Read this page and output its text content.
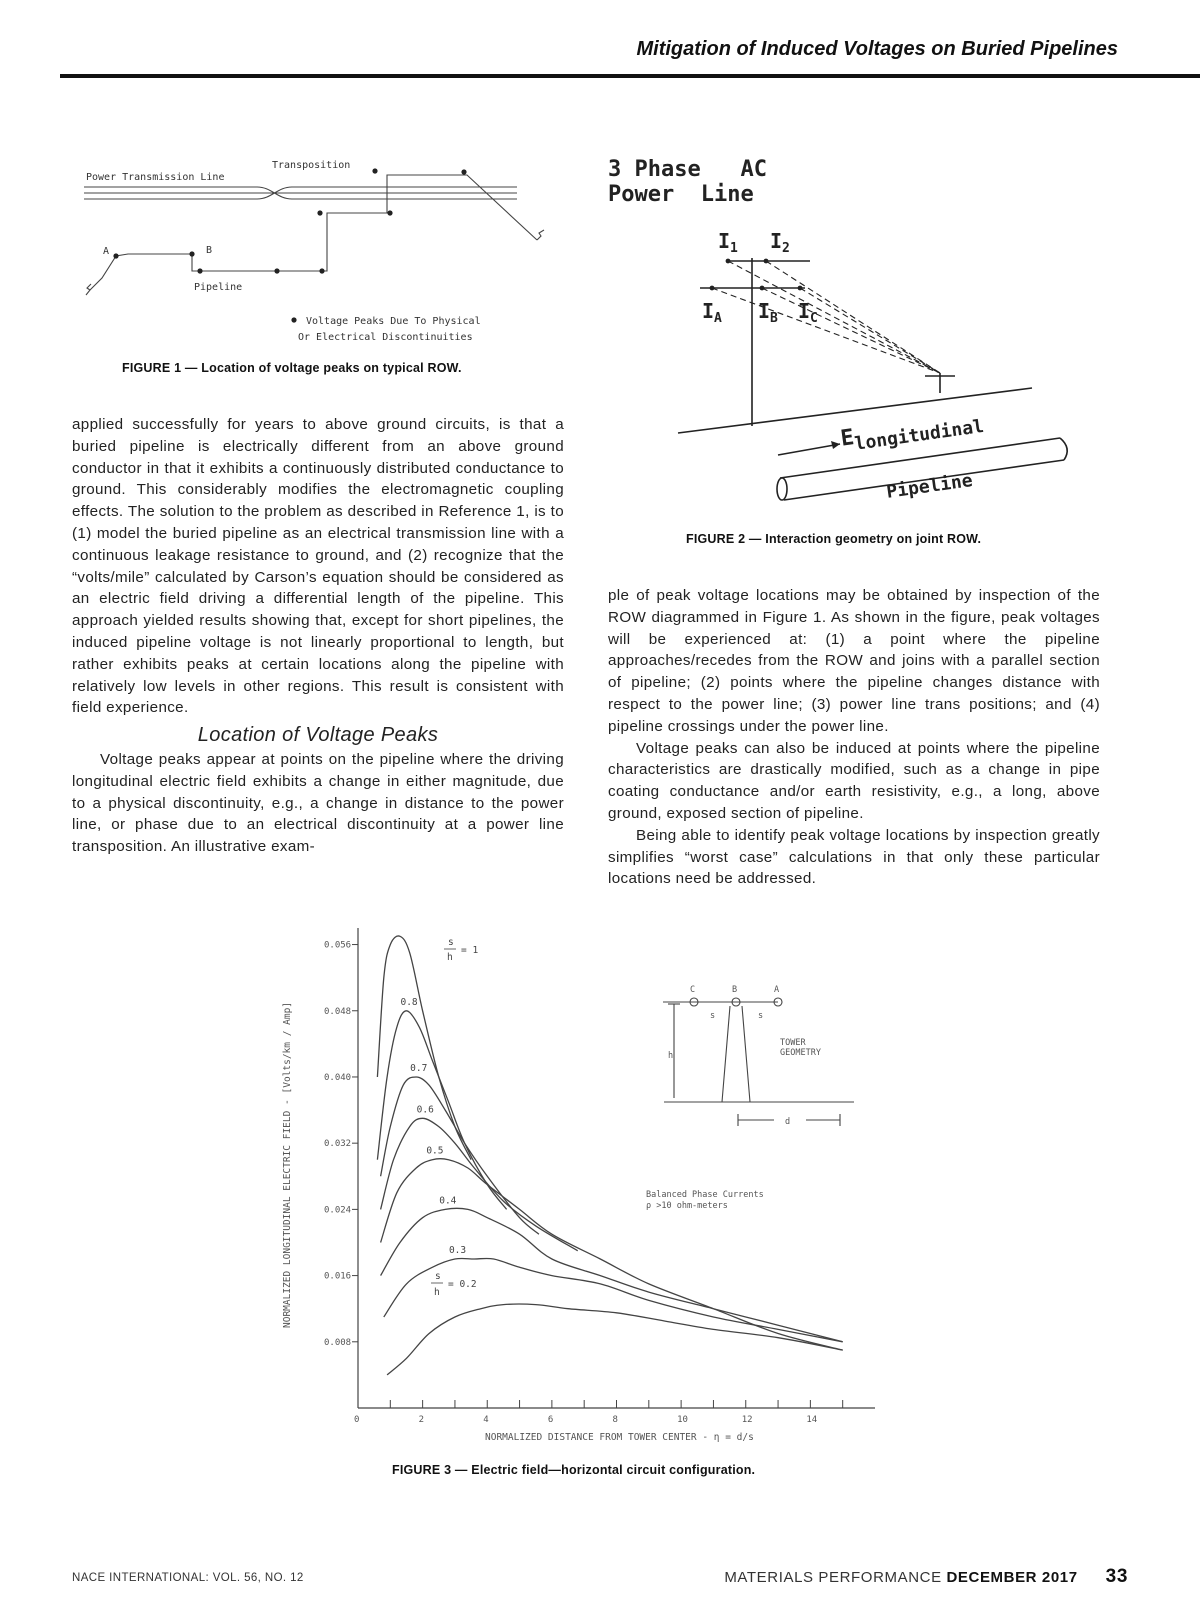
Mitigation of Induced Voltages on Buried Pipelines
Power Transmission Line
Transposition
A	B
Pipeline
Voltage Peaks Due To Physical
Or Electrical Discontinuities
FIGURE 1 — Location of voltage peaks on typical ROW.
3 Phase   AC
Power  Line
$I_1$ $I_2$
$I_A$ $I_B$ $I_C$
$E_{longitudinal}$
Pipeline
FIGURE 2 — Interaction geometry on joint ROW.

applied successfully for years to above ground circuits, is that a buried pipeline is electrically different from an above ground conductor in that it exhibits a continuously distributed conductance to ground. This considerably modifies the electromagnetic coupling effects. The solution to the problem as described in Reference 1, is to (1) model the buried pipeline as an electrical transmission line with a continuous leakage resistance to ground, and (2) recognize that the “volts/mile” calculated by Carson’s equation should be considered as an electric field driving a differential length of the pipeline. This approach yielded results showing that, except for short pipelines, the induced pipeline voltage is not linearly proportional to length, but rather exhibits peaks at certain locations along the pipeline with relatively low levels in other regions. This result is consistent with field experience.

Location of Voltage Peaks

Voltage peaks appear at points on the pipeline where the driving longitudinal electric field exhibits a change in either magnitude, due to a physical discontinuity, e.g., a change in distance to the power line, or phase due to an electrical discontinuity at a power line transposition. An illustrative exam-

ple of peak voltage locations may be obtained by inspection of the ROW diagrammed in Figure 1. As shown in the figure, peak voltages will be experienced at: (1) a point where the pipeline approaches/recedes from the ROW and joins with a parallel section of pipeline; (2) points where the pipeline changes distance with respect to the power line; (3) power line trans positions; and (4) pipeline crossings under the power line.

Voltage peaks can also be induced at points where the pipeline characteristics are drastically modified, such as a change in pipe coating conductance and/or earth resistivity, e.g., a long, above ground, exposed section of pipeline.

Being able to identify peak voltage locations by inspection greatly simplifies “worst case” calculations in that only these particular locations need be addressed.

0.008
0.016
0.024
0.032
0.040
0.048
0.056
0	2	4	6	8	10	12	14
0.8
0.7
0.6
0.5
0.4
0.3
NORMALIZED LONGITUDINAL ELECTRIC FIELD - [Volts/km / Amp]
NORMALIZED DISTANCE FROM TOWER CENTER - η = d/s
s
h
= 1
s
h
= 0.2
C	B	A
s	s
h
d
TOWER
GEOMETRY
Balanced Phase Currents
ρ >10 ohm-meters
FIGURE 3 — Electric field—horizontal circuit configuration.
NACE INTERNATIONAL: VOL. 56, NO. 12	MATERIALS PERFORMANCE DECEMBER 2017 33
